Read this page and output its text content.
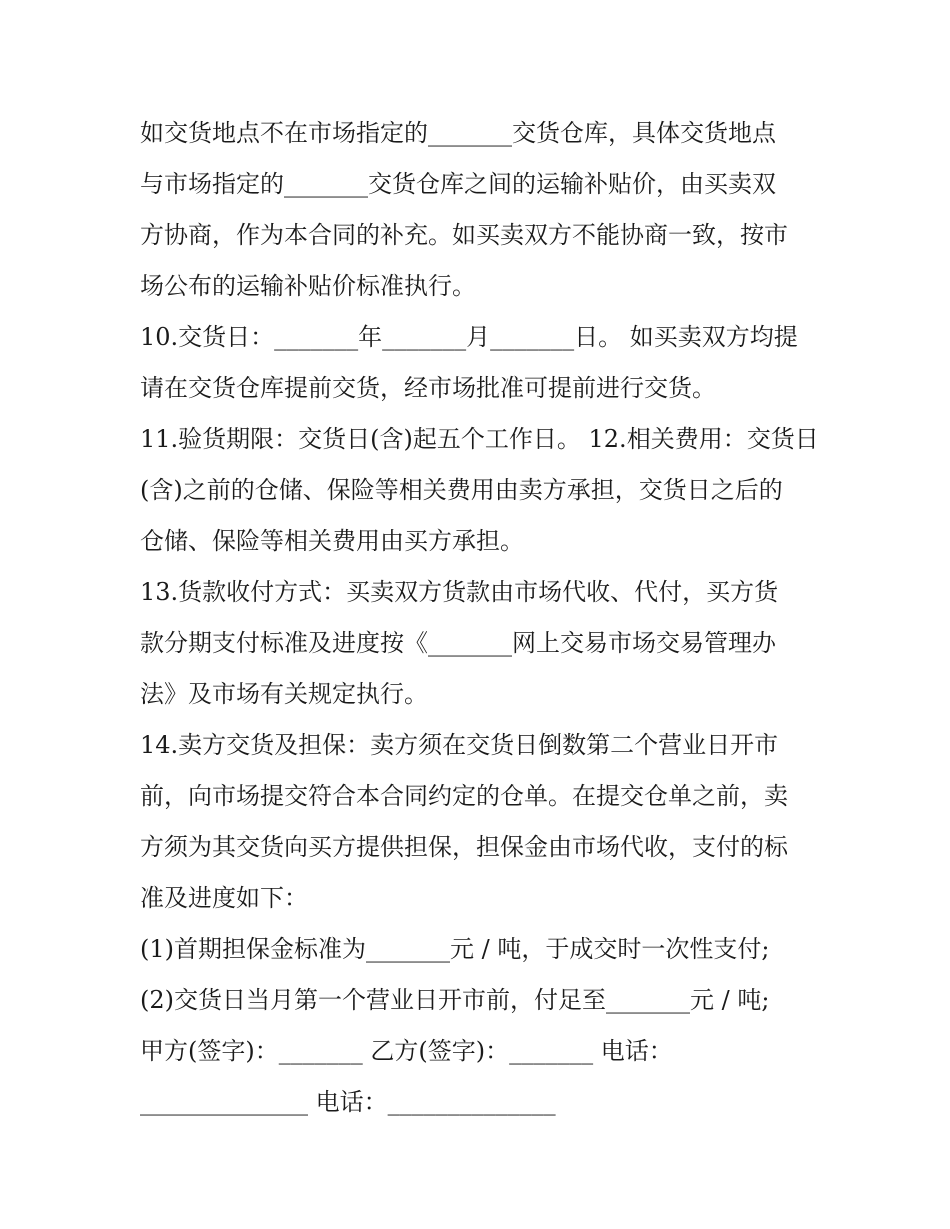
如交货地点不在市场指定的_______交货仓库，具体交货地点
与市场指定的_______交货仓库之间的运输补贴价，由买卖双
方协商，作为本合同的补充。如买卖双方不能协商一致，按市
场公布的运输补贴价标准执行。
10.交货日：_______年_______月_______日。 如买卖双方均提
请在交货仓库提前交货，经市场批准可提前进行交货。
11.验货期限：交货日(含)起五个工作日。 12.相关费用：交货日
(含)之前的仓储、保险等相关费用由卖方承担，交货日之后的
仓储、保险等相关费用由买方承担。
13.货款收付方式：买卖双方货款由市场代收、代付，买方货
款分期支付标准及进度按《_______网上交易市场交易管理办
法》及市场有关规定执行。
14.卖方交货及担保：卖方须在交货日倒数第二个营业日开市
前，向市场提交符合本合同约定的仓单。在提交仓单之前，卖
方须为其交货向买方提供担保，担保金由市场代收，支付的标
准及进度如下：
(1)首期担保金标准为_______元 / 吨，于成交时一次性支付;
(2)交货日当月第一个营业日开市前，付足至_______元 / 吨;
甲方(签字)：_______ 乙方(签字)：_______ 电话：
______________ 电话：______________
